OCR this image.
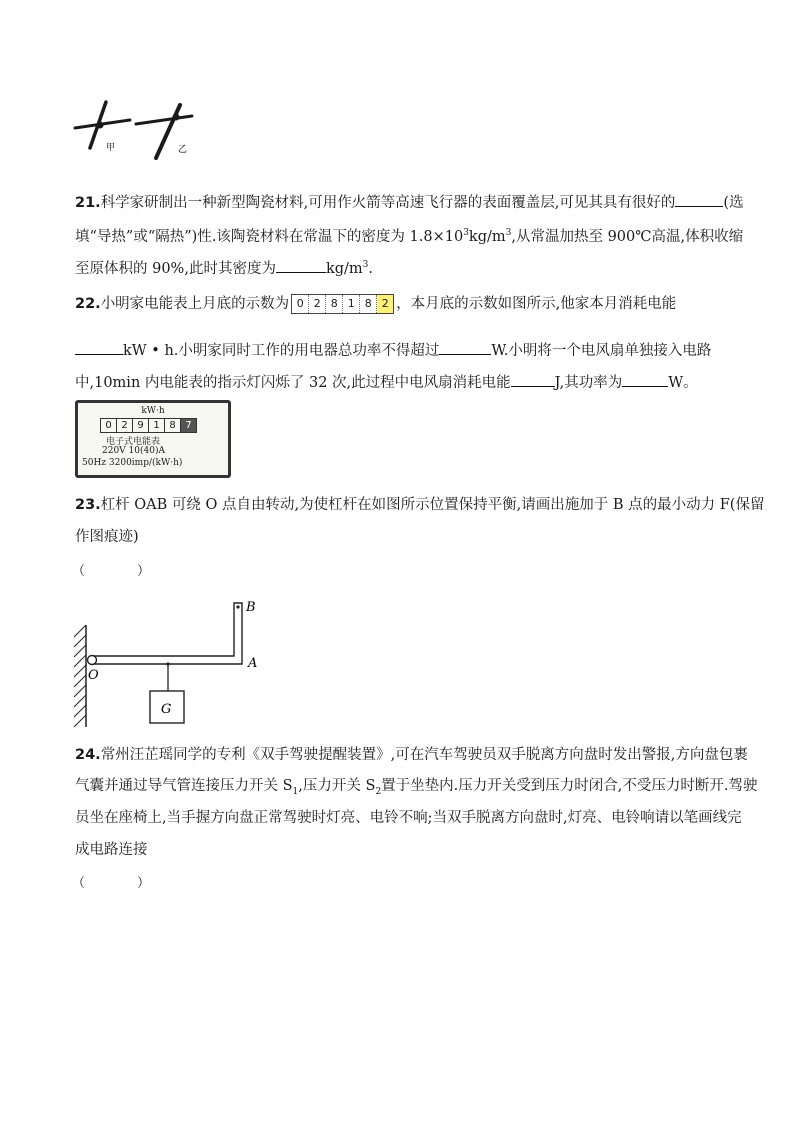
甲	乙
21.科学家研制出一种新型陶瓷材料,可用作火箭等高速飞行器的表面覆盖层,可见其具有很好的	(选
填“导热”或“隔热”)性.该陶瓷材料在常温下的密度为 $1.8\times 10^3kg/m^3$,从常温加热至 900℃高温,体积收缩
至原体积的 90%,此时其密度为	$kg/m^3$.
22.小明家电能表上月底的示数为 0 2 8 1 8 2 ，本月底的示数如图所示,他家本月消耗电能
kW • h.小明家同时工作的用电器总功率不得超过	W.小明将一个电风扇单独接入电路
中,10min 内电能表的指示灯闪烁了 32 次,此过程中电风扇消耗电能	J,其功率为	W。
kW·h
0 2 9 1 8 7
电子式电能表
220V 10(40)A
50Hz 3200imp/(kW·h)
23.杠杆 OAB 可绕 O 点自由转动,为使杠杆在如图所示位置保持平衡,请画出施加于 B 点的最小动力 F(保留
作图痕迹)
（　　　　）
G
O
A
B
24.常州汪芷瑶同学的专利《双手驾驶提醒装置》,可在汽车驾驶员双手脱离方向盘时发出警报,方向盘包裹
气囊并通过导气管连接压力开关 $S_1$,压力开关 $S_2$置于坐垫内.压力开关受到压力时闭合,不受压力时断开.驾驶
员坐在座椅上,当手握方向盘正常驾驶时灯亮、电铃不响;当双手脱离方向盘时,灯亮、电铃响请以笔画线完
成电路连接
（　　　　）
